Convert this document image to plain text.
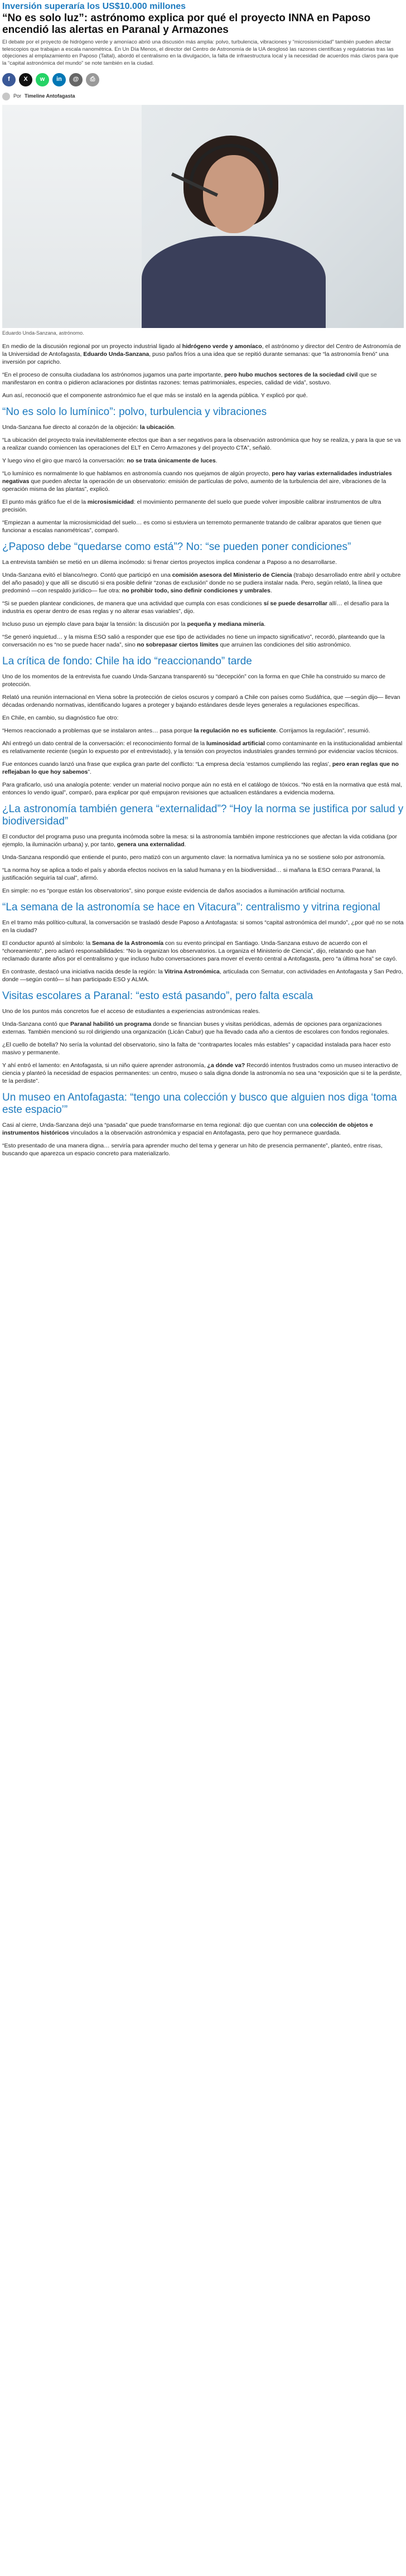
Inversión superaría los US$10.000 millones
“No es solo luz”: astrónomo explica por qué el proyecto INNA en Paposo encendió las alertas en Paranal y Armazones

El debate por el proyecto de hidrógeno verde y amoníaco abrió una discusión más amplia: polvo, turbulencia, vibraciones y “microsismicidad” también pueden afectar telescopios que trabajan a escala nanométrica. En Un Día Menos, el director del Centro de Astronomía de la UA desglosó las razones científicas y regulatorias tras las objeciones al emplazamiento en Paposo (Taltal), abordó el centralismo en la divulgación, la falta de infraestructura local y la necesidad de acuerdos más claros para que la “capital astronómica del mundo” se note también en la ciudad.

f	X	w	in	@	⎙
Por Timeline Antofagasta
Eduardo Unda-Sanzana, astrónomo.

En medio de la discusión regional por un proyecto industrial ligado al hidrógeno verde y amoníaco, el astrónomo y director del Centro de Astronomía de la Universidad de Antofagasta, Eduardo Unda-Sanzana, puso paños fríos a una idea que se repitió durante semanas: que “la astronomía frenó” una inversión por capricho.

“En el proceso de consulta ciudadana los astrónomos jugamos una parte importante, pero hubo muchos sectores de la sociedad civil que se manifestaron en contra o pidieron aclaraciones por distintas razones: temas patrimoniales, especies, calidad de vida”, sostuvo.

Aun así, reconoció que el componente astronómico fue el que más se instaló en la agenda pública. Y explicó por qué.

“No es solo lo lumínico”: polvo, turbulencia y vibraciones

Unda-Sanzana fue directo al corazón de la objeción: la ubicación.

“La ubicación del proyecto traía inevitablemente efectos que iban a ser negativos para la observación astronómica que hoy se realiza, y para la que se va a realizar cuando comiencen las operaciones del ELT en Cerro Armazones y del proyecto CTA”, señaló.

Y luego vino el giro que marcó la conversación: no se trata únicamente de luces.

“Lo lumínico es normalmente lo que hablamos en astronomía cuando nos quejamos de algún proyecto, pero hay varias externalidades industriales negativas que pueden afectar la operación de un observatorio: emisión de partículas de polvo, aumento de la turbulencia del aire, vibraciones de la operación misma de las plantas”, explicó.

El punto más gráfico fue el de la microsismicidad: el movimiento permanente del suelo que puede volver imposible calibrar instrumentos de ultra precisión.

“Empiezan a aumentar la microsismicidad del suelo… es como si estuviera un terremoto permanente tratando de calibrar aparatos que tienen que funcionar a escalas nanométricas”, comparó.

¿Paposo debe “quedarse como está”? No: “se pueden poner condiciones”

La entrevista también se metió en un dilema incómodo: si frenar ciertos proyectos implica condenar a Paposo a no desarrollarse.

Unda-Sanzana evitó el blanco/negro. Contó que participó en una comisión asesora del Ministerio de Ciencia (trabajo desarrollado entre abril y octubre del año pasado) y que allí se discutió si era posible definir “zonas de exclusión” donde no se pudiera instalar nada. Pero, según relató, la línea que predominó —con respaldo jurídico— fue otra: no prohibir todo, sino definir condiciones y umbrales.

“Si se pueden plantear condiciones, de manera que una actividad que cumpla con esas condiciones sí se puede desarrollar allí… el desafío para la industria es operar dentro de esas reglas y no alterar esas variables”, dijo.

Incluso puso un ejemplo clave para bajar la tensión: la discusión por la pequeña y mediana minería.

“Se generó inquietud… y la misma ESO salió a responder que ese tipo de actividades no tiene un impacto significativo”, recordó, planteando que la conversación no es “no se puede hacer nada”, sino no sobrepasar ciertos límites que arruinen las condiciones del sitio astronómico.

La crítica de fondo: Chile ha ido “reaccionando” tarde

Uno de los momentos de la entrevista fue cuando Unda-Sanzana transparentó su “decepción” con la forma en que Chile ha construido su marco de protección.

Relató una reunión internacional en Viena sobre la protección de cielos oscuros y comparó a Chile con países como Sudáfrica, que —según dijo— llevan décadas ordenando normativas, identificando lugares a proteger y bajando estándares desde leyes generales a regulaciones específicas.

En Chile, en cambio, su diagnóstico fue otro:

“Hemos reaccionado a problemas que se instalaron antes… pasa porque la regulación no es suficiente. Corrijamos la regulación”, resumió.

Ahí entregó un dato central de la conversación: el reconocimiento formal de la luminosidad artificial como contaminante en la institucionalidad ambiental es relativamente reciente (según lo expuesto por el entrevistado), y la tensión con proyectos industriales grandes terminó por evidenciar vacíos técnicos.

Fue entonces cuando lanzó una frase que explica gran parte del conflicto: “La empresa decía ‘estamos cumpliendo las reglas’, pero eran reglas que no reflejaban lo que hoy sabemos”.

Para graficarlo, usó una analogía potente: vender un material nocivo porque aún no está en el catálogo de tóxicos. “No está en la normativa que está mal, entonces lo vendo igual”, comparó, para explicar por qué empujaron revisiones que actualicen estándares a evidencia moderna.

¿La astronomía también genera “externalidad”? “Hoy la norma se justifica por salud y biodiversidad”

El conductor del programa puso una pregunta incómoda sobre la mesa: si la astronomía también impone restricciones que afectan la vida cotidiana (por ejemplo, la iluminación urbana) y, por tanto, genera una externalidad.

Unda-Sanzana respondió que entiende el punto, pero matizó con un argumento clave: la normativa lumínica ya no se sostiene solo por astronomía.

“La norma hoy se aplica a todo el país y aborda efectos nocivos en la salud humana y en la biodiversidad… si mañana la ESO cerrara Paranal, la justificación seguiría tal cual”, afirmó.

En simple: no es “porque están los observatorios”, sino porque existe evidencia de daños asociados a iluminación artificial nocturna.

“La semana de la astronomía se hace en Vitacura”: centralismo y vitrina regional

En el tramo más político-cultural, la conversación se trasladó desde Paposo a Antofagasta: si somos “capital astronómica del mundo”, ¿por qué no se nota en la ciudad?

El conductor apuntó al símbolo: la Semana de la Astronomía con su evento principal en Santiago. Unda-Sanzana estuvo de acuerdo con el “choreamiento”, pero aclaró responsabilidades: “No la organizan los observatorios. La organiza el Ministerio de Ciencia”, dijo, relatando que han reclamado durante años por el centralismo y que incluso hubo conversaciones para mover el evento central a Antofagasta, pero “a última hora” se cayó.

En contraste, destacó una iniciativa nacida desde la región: la Vitrina Astronómica, articulada con Sernatur, con actividades en Antofagasta y San Pedro, donde —según contó— sí han participado ESO y ALMA.

Visitas escolares a Paranal: “esto está pasando”, pero falta escala

Uno de los puntos más concretos fue el acceso de estudiantes a experiencias astronómicas reales.

Unda-Sanzana contó que Paranal habilitó un programa donde se financian buses y visitas periódicas, además de opciones para organizaciones externas. También mencionó su rol dirigiendo una organización (Licán Cabur) que ha llevado cada año a cientos de escolares con fondos regionales.

¿El cuello de botella? No sería la voluntad del observatorio, sino la falta de “contrapartes locales más estables” y capacidad instalada para hacer esto masivo y permanente.

Y ahí entró el lamento: en Antofagasta, si un niño quiere aprender astronomía, ¿a dónde va? Recordó intentos frustrados como un museo interactivo de ciencia y planteó la necesidad de espacios permanentes: un centro, museo o sala digna donde la astronomía no sea una “exposición que si te la perdiste, te la perdiste”.

Un museo en Antofagasta: “tengo una colección y busco que alguien nos diga ‘toma este espacio’”

Casi al cierre, Unda-Sanzana dejó una “pasada” que puede transformarse en tema regional: dijo que cuentan con una colección de objetos e instrumentos históricos vinculados a la observación astronómica y espacial en Antofagasta, pero que hoy permanece guardada.

“Esto presentado de una manera digna… serviría para aprender mucho del tema y generar un hito de presencia permanente”, planteó, entre risas, buscando que aparezca un espacio concreto para materializarlo.
